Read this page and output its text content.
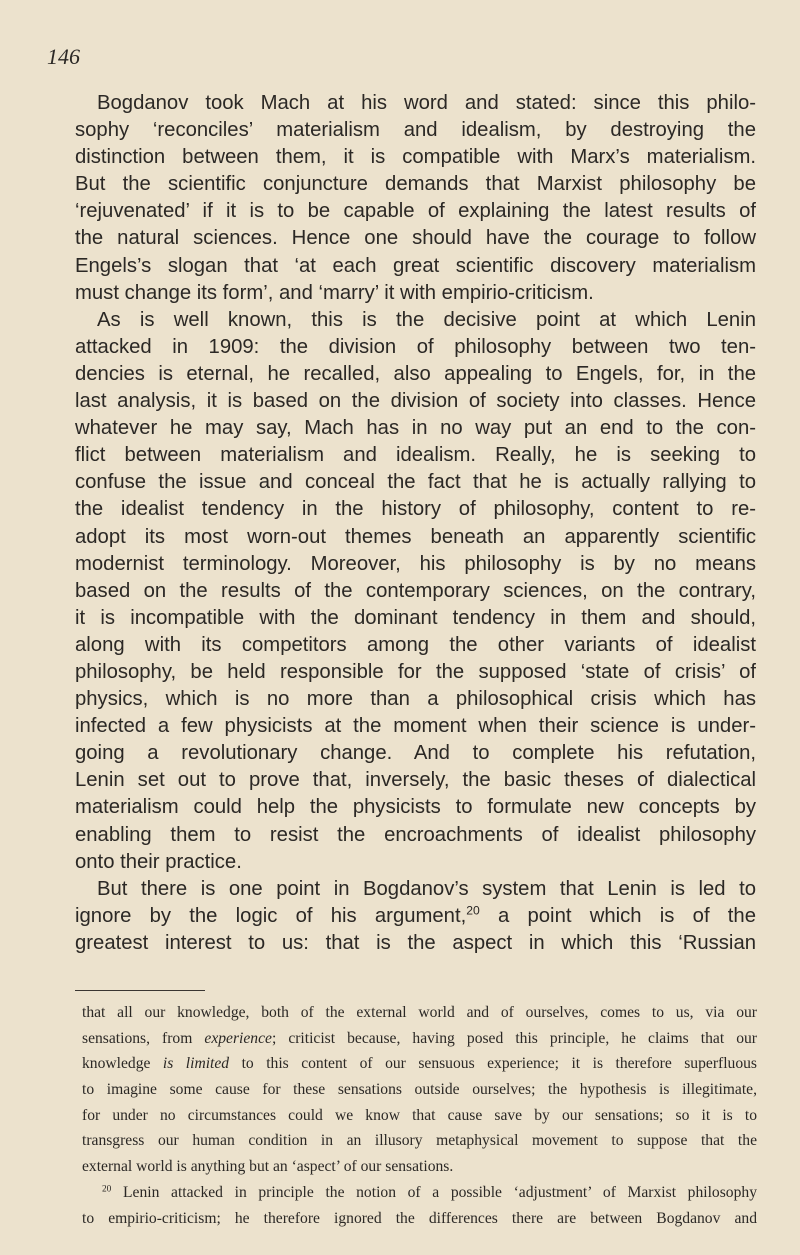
146
Bogdanov took Mach at his word and stated: since this philo-
sophy ‘reconciles’ materialism and idealism, by destroying the
distinction between them, it is compatible with Marx’s materialism.
But the scientific conjuncture demands that Marxist philosophy be
‘rejuvenated’ if it is to be capable of explaining the latest results of
the natural sciences. Hence one should have the courage to follow
Engels’s slogan that ‘at each great scientific discovery materialism
must change its form’, and ‘marry’ it with empirio-criticism.
As is well known, this is the decisive point at which Lenin
attacked in 1909: the division of philosophy between two ten-
dencies is eternal, he recalled, also appealing to Engels, for, in the
last analysis, it is based on the division of society into classes. Hence
whatever he may say, Mach has in no way put an end to the con-
flict between materialism and idealism. Really, he is seeking to
confuse the issue and conceal the fact that he is actually rallying to
the idealist tendency in the history of philosophy, content to re-
adopt its most worn-out themes beneath an apparently scientific
modernist terminology. Moreover, his philosophy is by no means
based on the results of the contemporary sciences, on the contrary,
it is incompatible with the dominant tendency in them and should,
along with its competitors among the other variants of idealist
philosophy, be held responsible for the supposed ‘state of crisis’ of
physics, which is no more than a philosophical crisis which has
infected a few physicists at the moment when their science is under-
going a revolutionary change. And to complete his refutation,
Lenin set out to prove that, inversely, the basic theses of dialectical
materialism could help the physicists to formulate new concepts by
enabling them to resist the encroachments of idealist philosophy
onto their practice.
But there is one point in Bogdanov’s system that Lenin is led to
ignore by the logic of his argument,$^{20}$ a point which is of the
greatest interest to us: that is the aspect in which this ‘Russian
that all our knowledge, both of the external world and of ourselves, comes to us, via our
sensations, from experience; criticist because, having posed this principle, he claims that our
knowledge is limited to this content of our sensuous experience; it is therefore superfluous
to imagine some cause for these sensations outside ourselves; the hypothesis is illegitimate,
for under no circumstances could we know that cause save by our sensations; so it is to
transgress our human condition in an illusory metaphysical movement to suppose that the
external world is anything but an ‘aspect’ of our sensations.
$^{20}$ Lenin attacked in principle the notion of a possible ‘adjustment’ of Marxist philosophy
to empirio-criticism; he therefore ignored the differences there are between Bogdanov and
